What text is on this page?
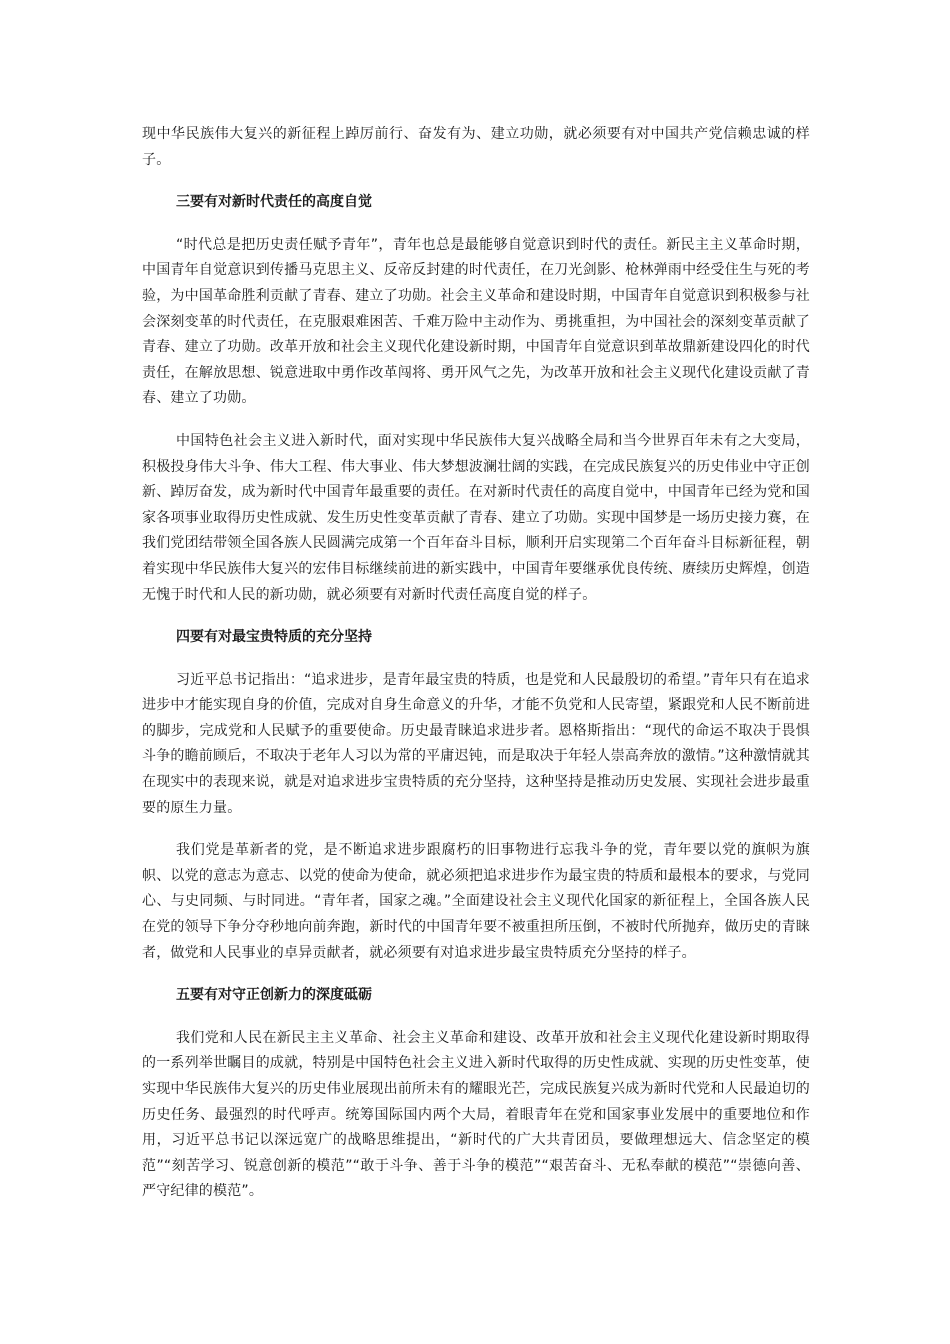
现中华民族伟大复兴的新征程上踔厉前行、奋发有为、建立功勋，就必须要有对中国共产党信赖忠诚的样子。

三要有对新时代责任的高度自觉

“时代总是把历史责任赋予青年”，青年也总是最能够自觉意识到时代的责任。新民主主义革命时期，中国青年自觉意识到传播马克思主义、反帝反封建的时代责任，在刀光剑影、枪林弹雨中经受住生与死的考验，为中国革命胜利贡献了青春、建立了功勋。社会主义革命和建设时期，中国青年自觉意识到积极参与社会深刻变革的时代责任，在克服艰难困苦、千难万险中主动作为、勇挑重担，为中国社会的深刻变革贡献了青春、建立了功勋。改革开放和社会主义现代化建设新时期，中国青年自觉意识到革故鼎新建设四化的时代责任，在解放思想、锐意进取中勇作改革闯将、勇开风气之先，为改革开放和社会主义现代化建设贡献了青春、建立了功勋。

中国特色社会主义进入新时代，面对实现中华民族伟大复兴战略全局和当今世界百年未有之大变局，积极投身伟大斗争、伟大工程、伟大事业、伟大梦想波澜壮阔的实践，在完成民族复兴的历史伟业中守正创新、踔厉奋发，成为新时代中国青年最重要的责任。在对新时代责任的高度自觉中，中国青年已经为党和国家各项事业取得历史性成就、发生历史性变革贡献了青春、建立了功勋。实现中国梦是一场历史接力赛，在我们党团结带领全国各族人民圆满完成第一个百年奋斗目标，顺利开启实现第二个百年奋斗目标新征程，朝着实现中华民族伟大复兴的宏伟目标继续前进的新实践中，中国青年要继承优良传统、赓续历史辉煌，创造无愧于时代和人民的新功勋，就必须要有对新时代责任高度自觉的样子。

四要有对最宝贵特质的充分坚持

习近平总书记指出：“追求进步，是青年最宝贵的特质，也是党和人民最殷切的希望。”青年只有在追求进步中才能实现自身的价值，完成对自身生命意义的升华，才能不负党和人民寄望，紧跟党和人民不断前进的脚步，完成党和人民赋予的重要使命。历史最青睐追求进步者。恩格斯指出：“现代的命运不取决于畏惧斗争的瞻前顾后，不取决于老年人习以为常的平庸迟钝，而是取决于年轻人崇高奔放的激情。”这种激情就其在现实中的表现来说，就是对追求进步宝贵特质的充分坚持，这种坚持是推动历史发展、实现社会进步最重要的原生力量。

我们党是革新者的党，是不断追求进步跟腐朽的旧事物进行忘我斗争的党，青年要以党的旗帜为旗帜、以党的意志为意志、以党的使命为使命，就必须把追求进步作为最宝贵的特质和最根本的要求，与党同心、与史同频、与时同进。“青年者，国家之魂。”全面建设社会主义现代化国家的新征程上，全国各族人民在党的领导下争分夺秒地向前奔跑，新时代的中国青年要不被重担所压倒，不被时代所抛弃，做历史的青睐者，做党和人民事业的卓异贡献者，就必须要有对追求进步最宝贵特质充分坚持的样子。

五要有对守正创新力的深度砥砺

我们党和人民在新民主主义革命、社会主义革命和建设、改革开放和社会主义现代化建设新时期取得的一系列举世瞩目的成就，特别是中国特色社会主义进入新时代取得的历史性成就、实现的历史性变革，使实现中华民族伟大复兴的历史伟业展现出前所未有的耀眼光芒，完成民族复兴成为新时代党和人民最迫切的历史任务、最强烈的时代呼声。统筹国际国内两个大局，着眼青年在党和国家事业发展中的重要地位和作用，习近平总书记以深远宽广的战略思维提出，“新时代的广大共青团员，要做理想远大、信念坚定的模范”“刻苦学习、锐意创新的模范”“敢于斗争、善于斗争的模范”“艰苦奋斗、无私奉献的模范”“崇德向善、严守纪律的模范”。
